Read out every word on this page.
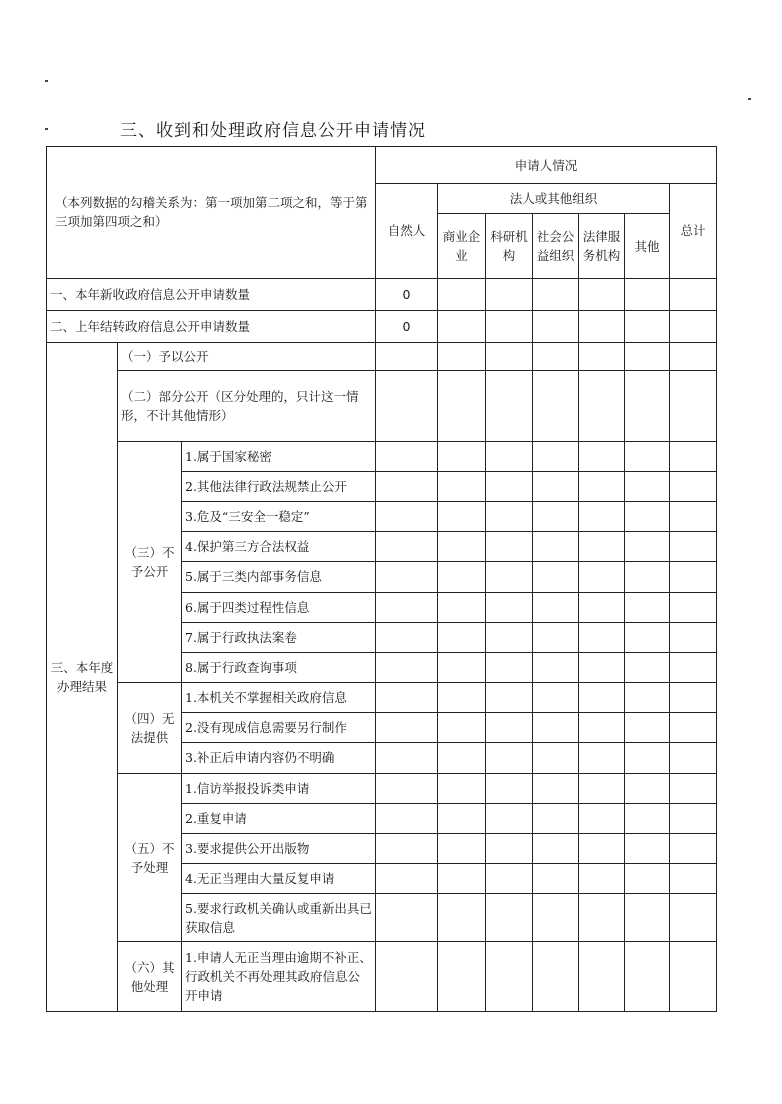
三、收到和处理政府信息公开申请情况
（本列数据的勾稽关系为：第一项加第二项之和，等于第三项加第四项之和）			申请人情况						
			自然人	法人或其他组织					总计
				商业企业	科研机构	社会公益组织	法律服务机构	其他	
一、本年新收政府信息公开申请数量			0						
二、上年结转政府信息公开申请数量			0						
三、本年度办理结果	（一）予以公开								
	（二）部分公开（区分处理的，只计这一情形，不计其他情形）								
	（三）不予公开	1.属于国家秘密							
		2.其他法律行政法规禁止公开							
		3.危及“三安全一稳定”							
		4.保护第三方合法权益							
		5.属于三类内部事务信息							
		6.属于四类过程性信息							
		7.属于行政执法案卷							
		8.属于行政查询事项							
	（四）无法提供	1.本机关不掌握相关政府信息							
		2.没有现成信息需要另行制作							
		3.补正后申请内容仍不明确							
	（五）不予处理	1.信访举报投诉类申请							
		2.重复申请							
		3.要求提供公开出版物							
		4.无正当理由大量反复申请							
		5.要求行政机关确认或重新出具已获取信息							
	（六）其他处理	1.申请人无正当理由逾期不补正、行政机关不再处理其政府信息公开申请							
